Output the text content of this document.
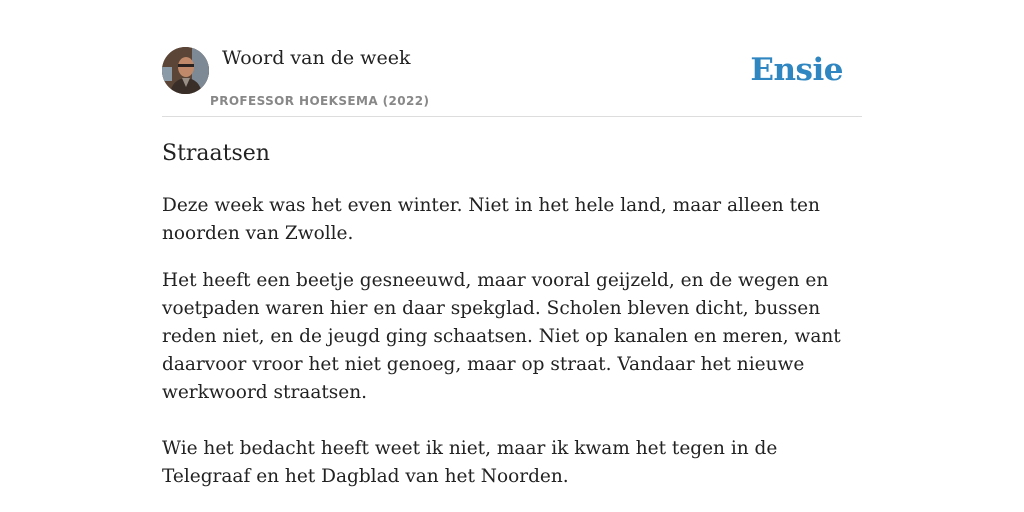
Woord van de week
PROFESSOR HOEKSEMA (2022)
Ensie
Straatsen

Deze week was het even winter. Niet in het hele land, maar alleen ten noorden van Zwolle.

Het heeft een beetje gesneeuwd, maar vooral geijzeld, en de wegen en voetpaden waren hier en daar spekglad. Scholen bleven dicht, bussen reden niet, en de jeugd ging schaatsen. Niet op kanalen en meren, want daarvoor vroor het niet genoeg, maar op straat. Vandaar het nieuwe werkwoord straatsen.

Wie het bedacht heeft weet ik niet, maar ik kwam het tegen in de Telegraaf en het Dagblad van het Noorden.
